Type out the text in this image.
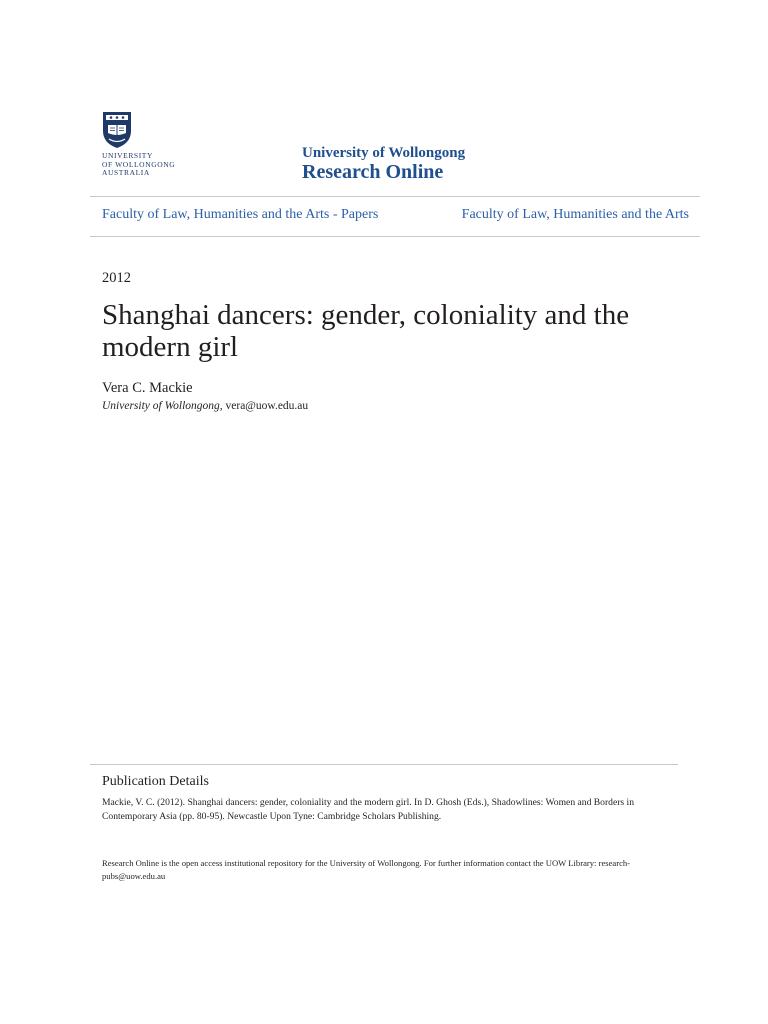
UNIVERSITY
OF WOLLONGONG
AUSTRALIA
University of Wollongong
Research Online
Faculty of Law, Humanities and the Arts - Papers	Faculty of Law, Humanities and the Arts
2012
Shanghai dancers: gender, coloniality and the modern girl
Vera C. Mackie
University of Wollongong, vera@uow.edu.au
Publication Details
Mackie, V. C. (2012). Shanghai dancers: gender, coloniality and the modern girl. In D. Ghosh (Eds.), Shadowlines: Women and Borders in Contemporary Asia (pp. 80-95). Newcastle Upon Tyne: Cambridge Scholars Publishing.
Research Online is the open access institutional repository for the University of Wollongong. For further information contact the UOW Library: research-pubs@uow.edu.au
